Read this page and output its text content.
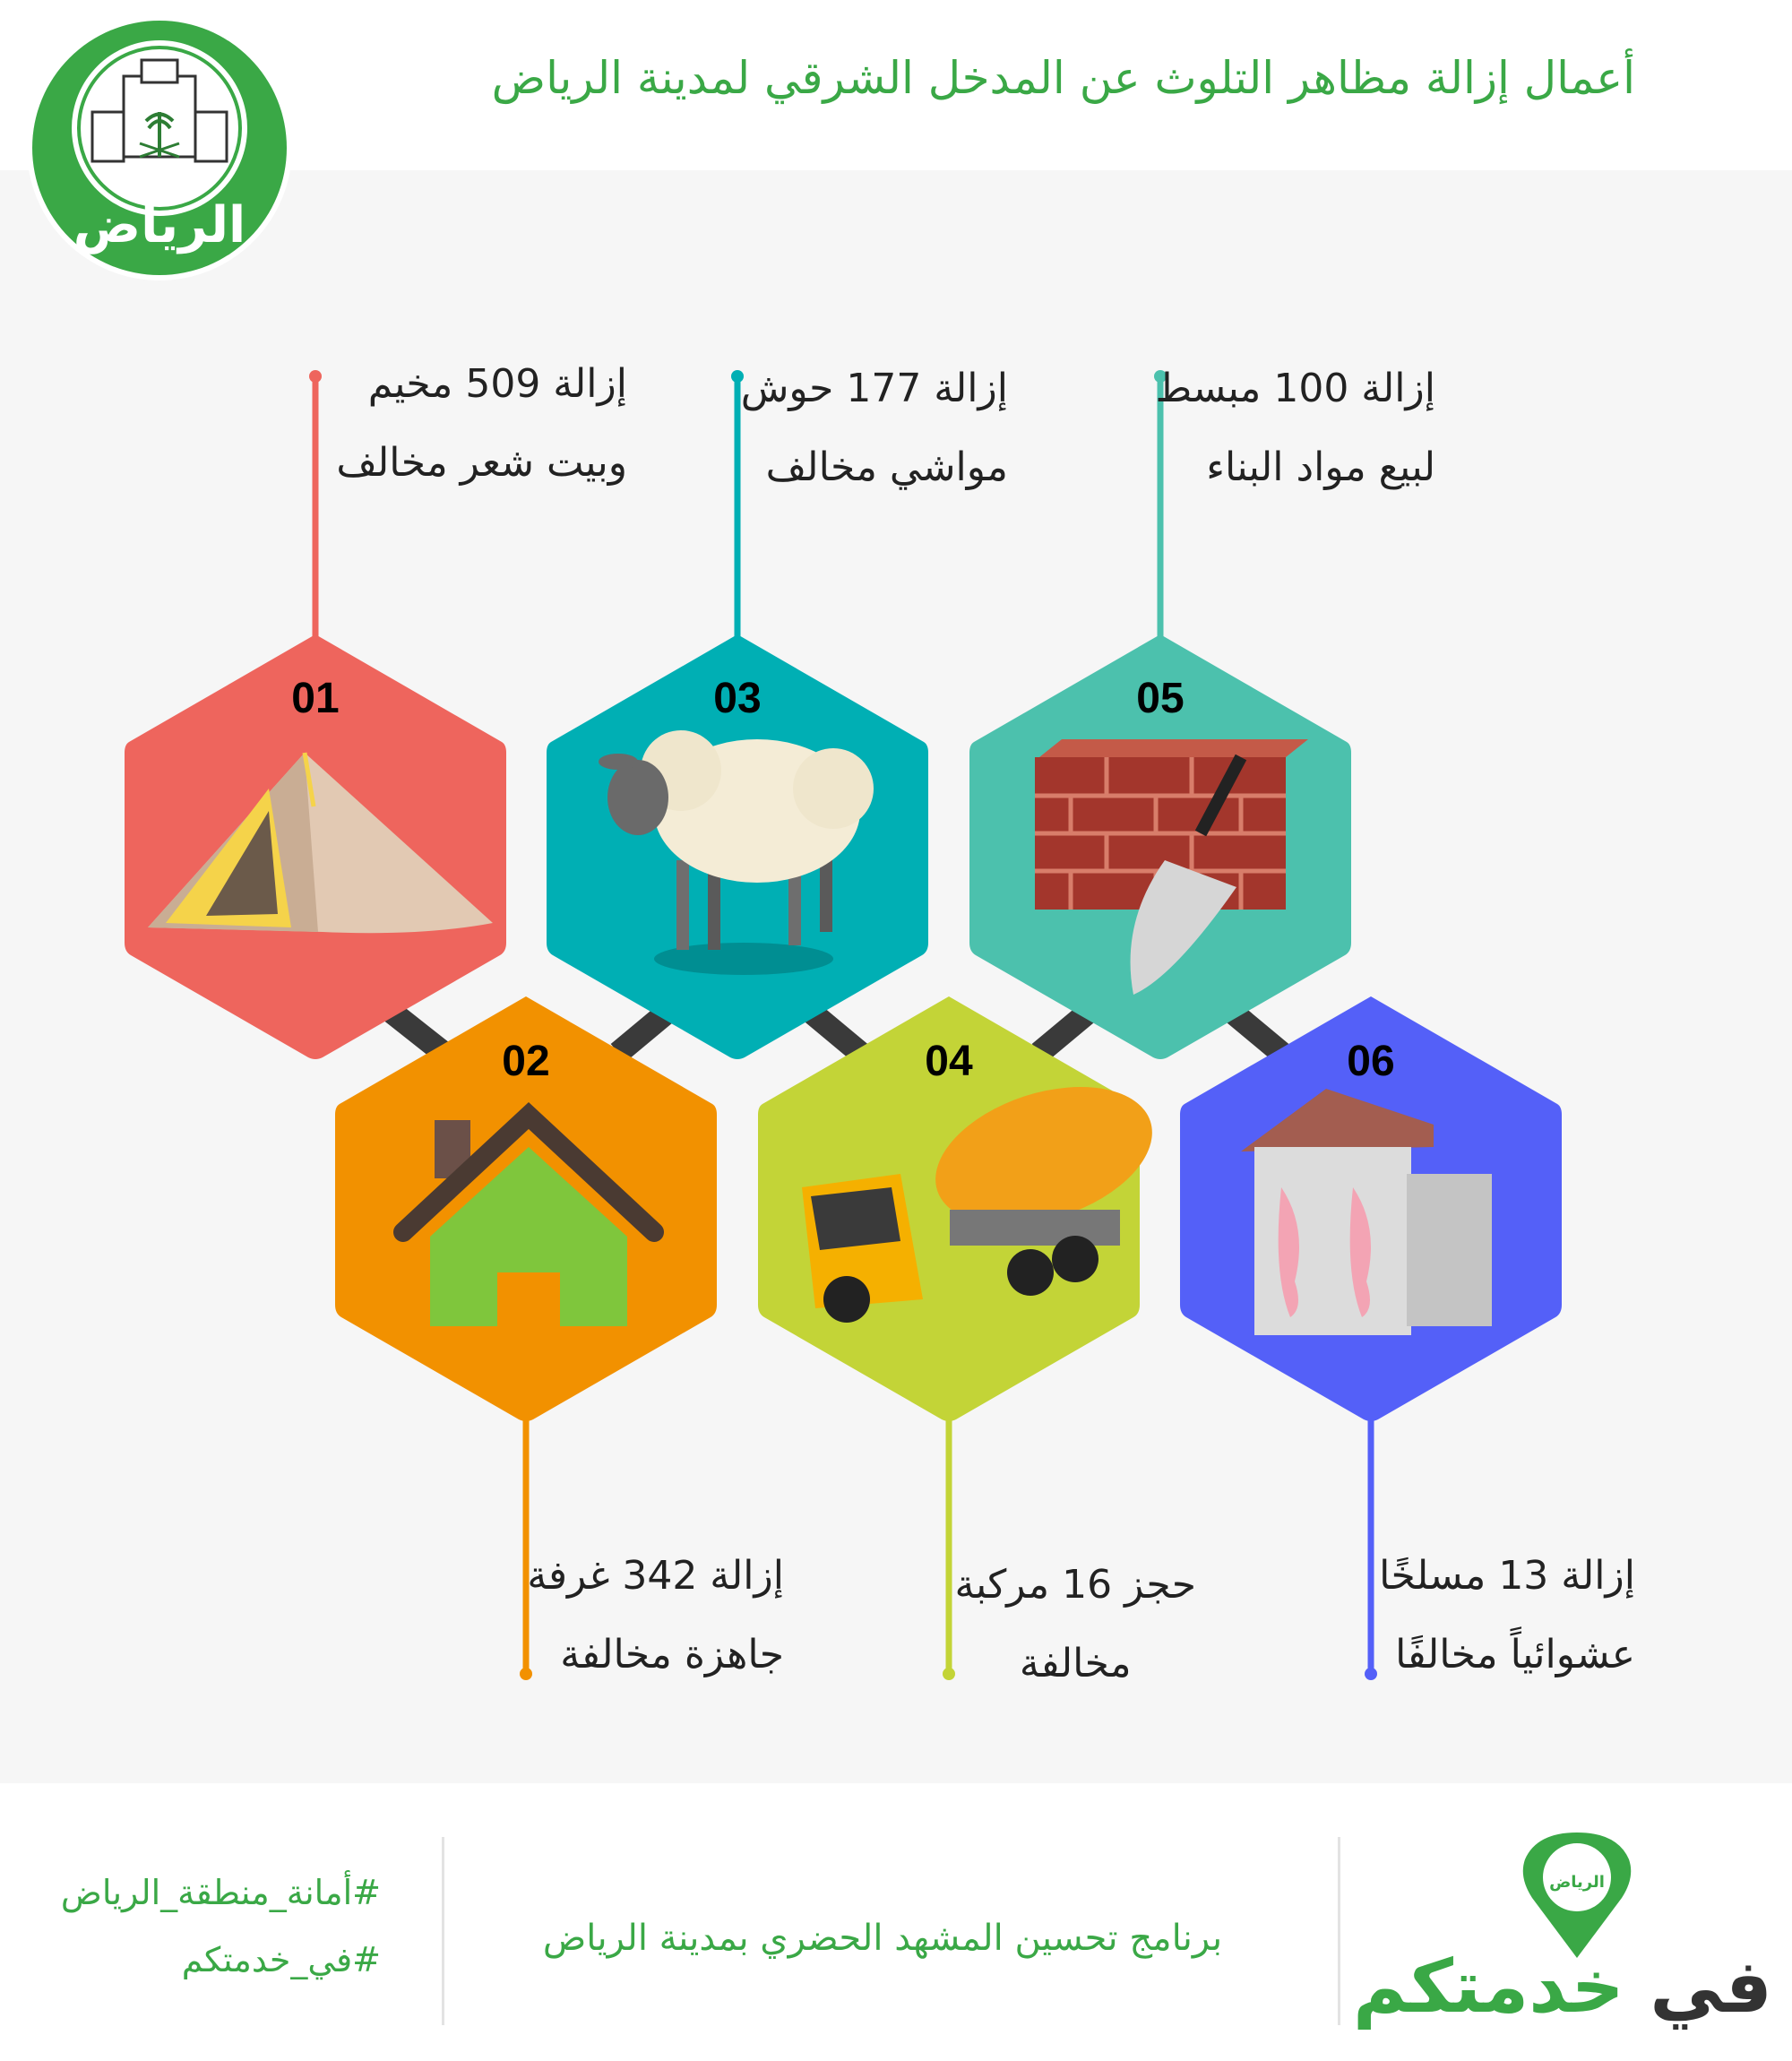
الرياض
أعمال إزالة مظاهر التلوث عن المدخل الشرقي لمدينة الرياض
01	03	05
02	04	06
إزالة 509 مخيم
وبيت شعر مخالف
إزالة 177 حوش
مواشي مخالف
إزالة 100 مبسط
لبيع مواد البناء
إزالة 342 غرفة
جاهزة مخالفة
حجز 16 مركبة
مخالفة
إزالة 13 مسلخًا
عشوائياً مخالفًا
#أمانة_منطقة_الرياض
#في_خدمتكم
برنامج تحسين المشهد الحضري بمدينة الرياض
الرياض
في خدمتكم
